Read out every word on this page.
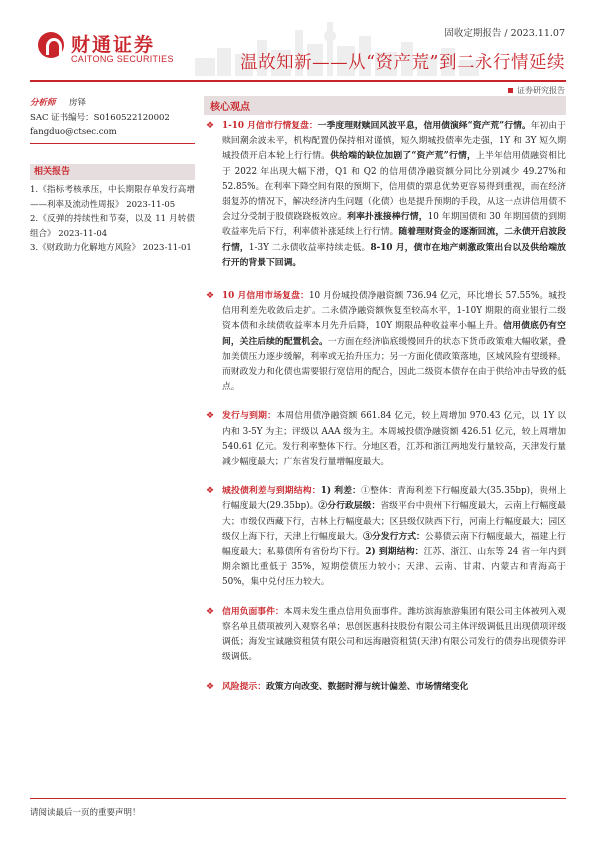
财通证券
CAITONG SECURITIES
固收定期报告 / 2023.11.07
温故知新——从“资产荒”到二永行情延续
证券研究报告
分析师 房铎
SAC 证书编号：S0160522120002
fangduo@ctsec.com
相关报告
1.《指标考核承压，中长期限存单发行高增——利率及流动性周报》 2023-11-05
2.《反弹的持续性和节奏，以及 11 月转债组合》 2023-11-04
3.《财政助力化解地方风险》 2023-11-01
核心观点
❖ 1-10 月信市行情复盘：一季度理财赎回风波平息，信用债演绎“资产荒”行情。年初由于赎回潮余波未平，机构配置仍保持相对谨慎，短久期城投债率先走强，1Y 和 3Y 短久期城投债开启本轮上行行情。供给端的缺位加剧了“资产荒”行情，上半年信用债融资相比于 2022 年出现大幅下滑，Q1 和 Q2 的信用债净融资额分同比分别减少 49.27%和 52.85%。在利率下降空间有限的预期下，信用债的票息优势更容易得到重视，而在经济弱复苏的情况下，解决经济内生问题（化债）也是提升预期的手段，从这一点讲信用债不会过分受制于股债跷跷板效应。利率扑涨接棒行情，10 年期国债和 30 年期国债的到期收益率先后下行，利率债补涨延续上行行情。随着理财资金的逐渐回流，二永债开启波段行情，1-3Y 二永债收益率持续走低。8-10 月，债市在地产刺激政策出台以及供给端放行开的背景下回调。
❖ 10 月信用市场复盘：10 月份城投债净融资额 736.94 亿元，环比增长 57.55%。城投信用利差先收敛后走扩。二永债净融资额恢复至较高水平，1-10Y 期限的商业银行二级资本债和永续债收益率本月先升后降，10Y 期限品种收益率小幅上升。信用债底仍有空间，关注后续的配置机会。一方面在经济临底缓慢回升的状态下货币政策难大幅收紧，叠加美债压力逐步缓解，利率或无抬升压力；另一方面化债政策落地，区域风险有望缓释。而财政发力和化债也需要银行宽信用的配合，因此二级资本债存在由于供给冲击导致的低点。
❖ 发行与到期：本周信用债净融资额 661.84 亿元，较上周增加 970.43 亿元，以 1Y 以内和 3-5Y 为主；评级以 AAA 级为主。本周城投债净融资额 426.51 亿元，较上周增加 540.61 亿元。发行利率整体下行。分地区看，江苏和浙江两地发行量较高，天津发行量减少幅度最大；广东省发行量增幅度最大。
❖ 城投债利差与到期结构：1) 利差：①整体：青海利差下行幅度最大(35.35bp)，贵州上行幅度最大(29.35bp)。②分行政层级：省级平台中贵州下行幅度最大，云南上行幅度最大；市级仅西藏下行，吉林上行幅度最大；区县级仅陕西下行，河南上行幅度最大；园区级仅上海下行，天津上行幅度最大。③分发行方式：公募债云南下行幅度最大，福建上行幅度最大；私募债所有省份均下行。2) 到期结构：江苏、浙江、山东等 24 省一年内到期余额比重低于 35%，短期偿债压力较小；天津、云南、甘肃、内蒙古和青海高于 50%，集中兑付压力较大。
❖ 信用负面事件：本周未发生重点信用负面事件。潍坊滨海旅游集团有限公司主体被列入观察名单且债项被列入观察名单；思创医惠科技股份有限公司主体评级调低且出现债项评级调低；海发宝诚融资租赁有限公司和远海融资租赁(天津)有限公司发行的债券出现债券评级调低。
❖ 风险提示：政策方向改变、数据时滞与统计偏差、市场情绪变化
请阅读最后一页的重要声明！
